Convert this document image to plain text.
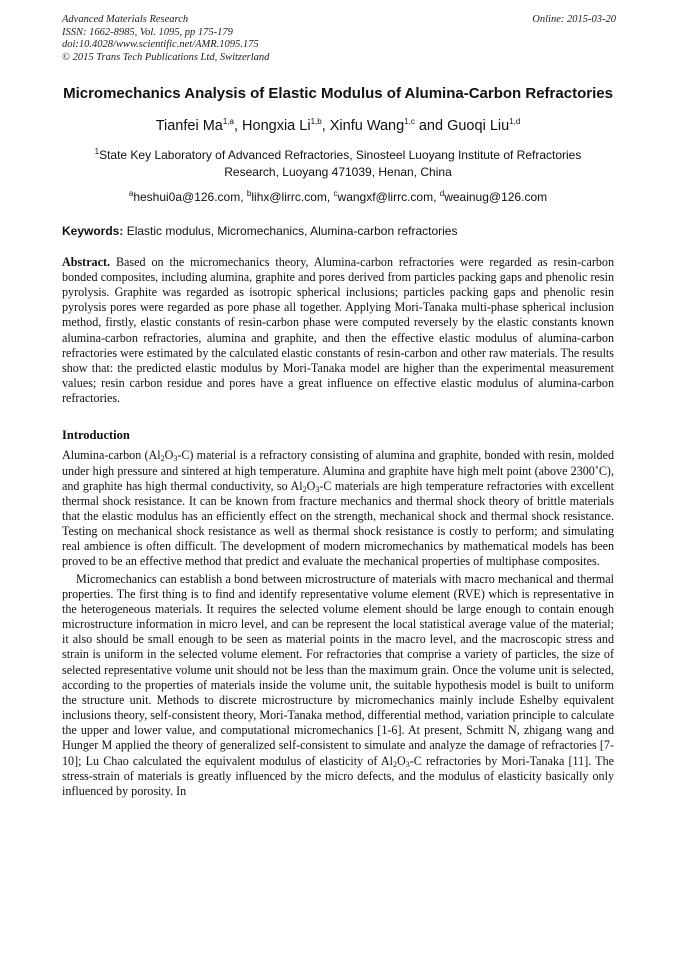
Advanced Materials Research
ISSN: 1662-8985, Vol. 1095, pp 175-179
doi:10.4028/www.scientific.net/AMR.1095.175
© 2015 Trans Tech Publications Ltd, Switzerland
Online: 2015-03-20
Micromechanics Analysis of Elastic Modulus of Alumina-Carbon Refractories
Tianfei Ma$^{1,a}$, Hongxia Li$^{1,b}$, Xinfu Wang$^{1,c}$ and Guoqi Liu$^{1,d}$
$^1$State Key Laboratory of Advanced Refractories, Sinosteel Luoyang Institute of Refractories
Research, Luoyang 471039, Henan, China
$^a$heshui0a@126.com, $^b$lihx@lirrc.com, $^c$wangxf@lirrc.com, $^d$weainug@126.com
Keywords: Elastic modulus, Micromechanics, Alumina-carbon refractories
Abstract. Based on the micromechanics theory, Alumina-carbon refractories were regarded as resin-carbon bonded composites, including alumina, graphite and pores derived from particles packing gaps and phenolic resin pyrolysis. Graphite was regarded as isotropic spherical inclusions; particles packing gaps and phenolic resin pyrolysis pores were regarded as pore phase all together. Applying Mori-Tanaka multi-phase spherical inclusion method, firstly, elastic constants of resin-carbon phase were computed reversely by the elastic constants known alumina-carbon refractories, alumina and graphite, and then the effective elastic modulus of alumina-carbon refractories were estimated by the calculated elastic constants of resin-carbon and other raw materials. The results show that: the predicted elastic modulus by Mori-Tanaka model are higher than the experimental measurement values; resin carbon residue and pores have a great influence on effective elastic modulus of alumina-carbon refractories.
Introduction

Alumina-carbon $(Al_2O_3-C)$ material is a refractory consisting of alumina and graphite, bonded with resin, molded under high pressure and sintered at high temperature. Alumina and graphite have high melt point (above 2300˚C), and graphite has high thermal conductivity, so $Al_2O_3-C$ materials are high temperature refractories with excellent thermal shock resistance. It can be known from fracture mechanics and thermal shock theory of brittle materials that the elastic modulus has an efficiently effect on the strength, mechanical shock and thermal shock resistance. Testing on mechanical shock resistance as well as thermal shock resistance is costly to perform; and simulating real ambience is often difficult. The development of modern micromechanics by mathematical models has been proved to be an effective method that predict and evaluate the mechanical properties of multiphase composites.

Micromechanics can establish a bond between microstructure of materials with macro mechanical and thermal properties. The first thing is to find and identify representative volume element (RVE) which is representative in the heterogeneous materials. It requires the selected volume element should be large enough to contain enough microstructure information in micro level, and can be represent the local statistical average value of the material; it also should be small enough to be seen as material points in the macro level, and the macroscopic stress and strain is uniform in the selected volume element. For refractories that comprise a variety of particles, the size of selected representative volume unit should not be less than the maximum grain. Once the volume unit is selected, according to the properties of materials inside the volume unit, the suitable hypothesis model is built to uniform the structure unit. Methods to discrete microstructure by micromechanics mainly include Eshelby equivalent inclusions theory, self-consistent theory, Mori-Tanaka method, differential method, variation principle to calculate the upper and lower value, and computational micromechanics [1-6]. At present, Schmitt N, zhigang wang and Hunger M applied the theory of generalized self-consistent to simulate and analyze the damage of refractories [7-10]; Lu Chao calculated the equivalent modulus of elasticity of $Al_2O_3-C$ refractories by Mori-Tanaka [11]. The stress-strain of materials is greatly influenced by the micro defects, and the modulus of elasticity basically only influenced by porosity. In
